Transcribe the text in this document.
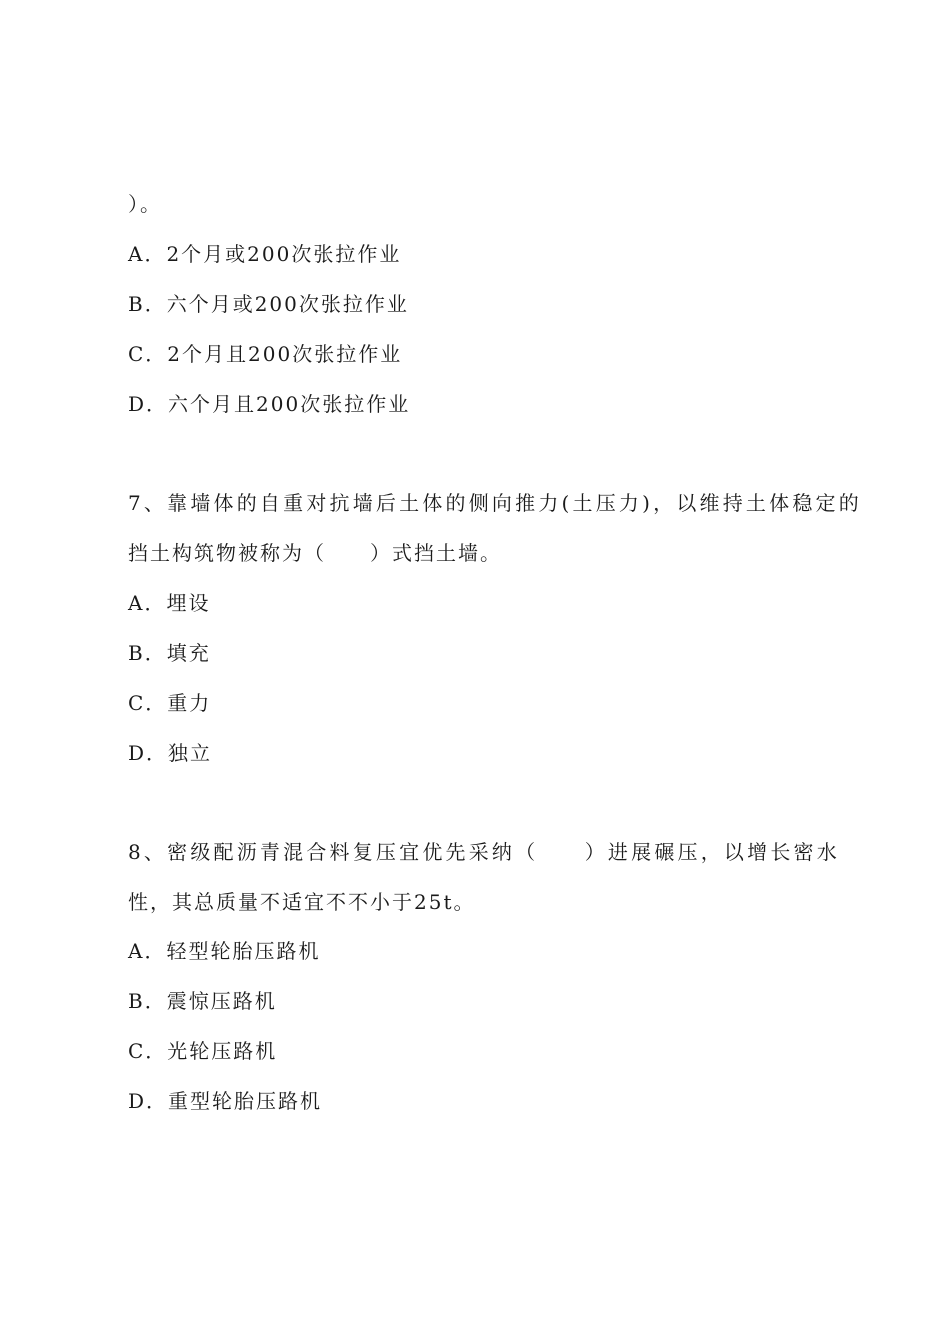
）。
A．2个月或200次张拉作业
B．六个月或200次张拉作业
C．2个月且200次张拉作业
D．六个月且200次张拉作业
7、靠墙体的自重对抗墙后土体的侧向推力(土压力)，以维持土体稳定的
挡土构筑物被称为（　　）式挡土墙。
A．埋设
B．填充
C．重力
D．独立
8、密级配沥青混合料复压宜优先采纳（　　）进展碾压，以增长密水
性，其总质量不适宜不不小于25t。
A．轻型轮胎压路机
B．震惊压路机
C．光轮压路机
D．重型轮胎压路机
